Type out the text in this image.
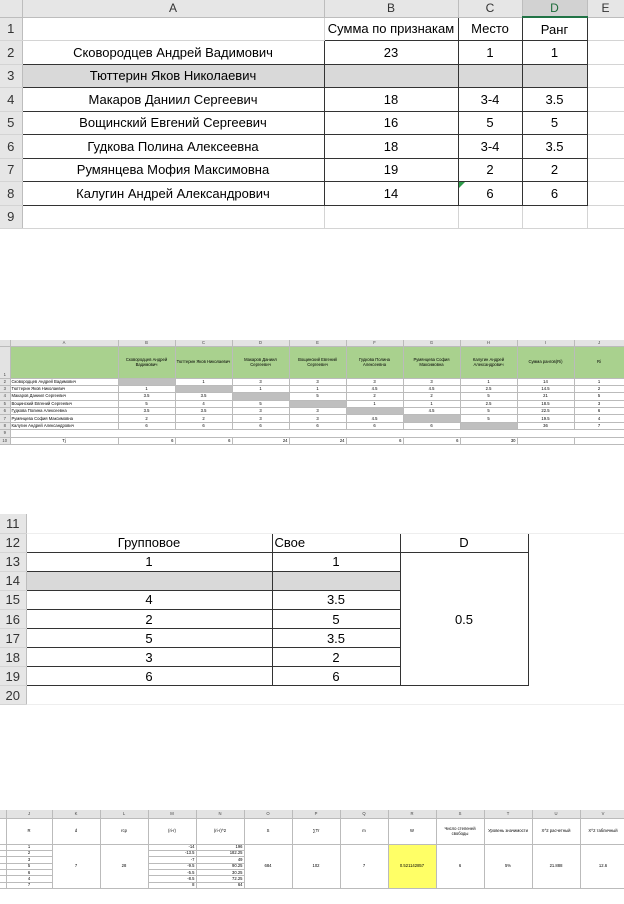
	A	B	C	D	E
1		Сумма по признакам	Место	Ранг	
2	Сковородцев Андрей Вадимович	23	1	1	
3	Тюттерин Яков Николаевич				
4	Макаров Даниил Сергеевич	18	3-4	3.5	
5	Вощинский Евгений Сергеевич	16	5	5	
6	Гудкова Полина Алексеевна	18	3-4	3.5	
7	Румянцева Мофия Максимовна	19	2	2	
8	Калугин Андрей Александрович	14	6	6	
9					
	A	B	C	D	E	F	G	H	I	J
1		Сковородцев Андрей Вадимович	Тюттерин Яков Николаевич	Макаров Даниил Сергеевич	Вощинский Евгений Сергеевич	Гудкова Полина Алексеевна	Румянцева София Максимовна	Калугин Андрей Александрович	Сумма рангов(Ri)	Ri
2	Сковородцев Андрей Вадимович		1	3	3	3	3	1	14	1
3	Тюттерин Яков Николаевич	1		1	1	4.5	4.5	2.5	14.5	2
4	Макаров Даниил Сергеевич	3.5	3.5		5	2	2	5	21	5
5	Вощинский Евгений Сергеевич	5	4	5		1	1	2.5	18.5	3
6	Гудкова Полина Алексеевна	3.5	3.5	3	3		4.5	5	22.5	6
7	Румянцева София Максимовна	2	2	3	3	4.5		5	19.5	4
8	Калугин Андрей Александрович	6	6	6	6	6	6		36	7
9										
10	Tj	6	6	24	24	6	6	30		
11				
12	Групповое	Свое	D	
13	1	1	0.5	
14				
15	4	3.5		
16	2	5		
17	5	3.5		
18	3	2		
19	6	6		
20				
	J	K	L	M	N	O	P	Q	R	S	T	U	V
	R	d	rcp	(ri-r)	(ri-r)^2	S	∑Tr	m	W	Число степеней свободы	Уровень значимости	X^2 расчетный	X^2 табличный
	1	7	28	-14	196	684	102	7	0.521142857	6	5%	21.888	12.6
	2			-13.5	182.25								
	3			-7	49								
	5			-9.5	90.25								
	6			-5.5	30.25								
	4			-8.5	72.25								
	7			8	64								
